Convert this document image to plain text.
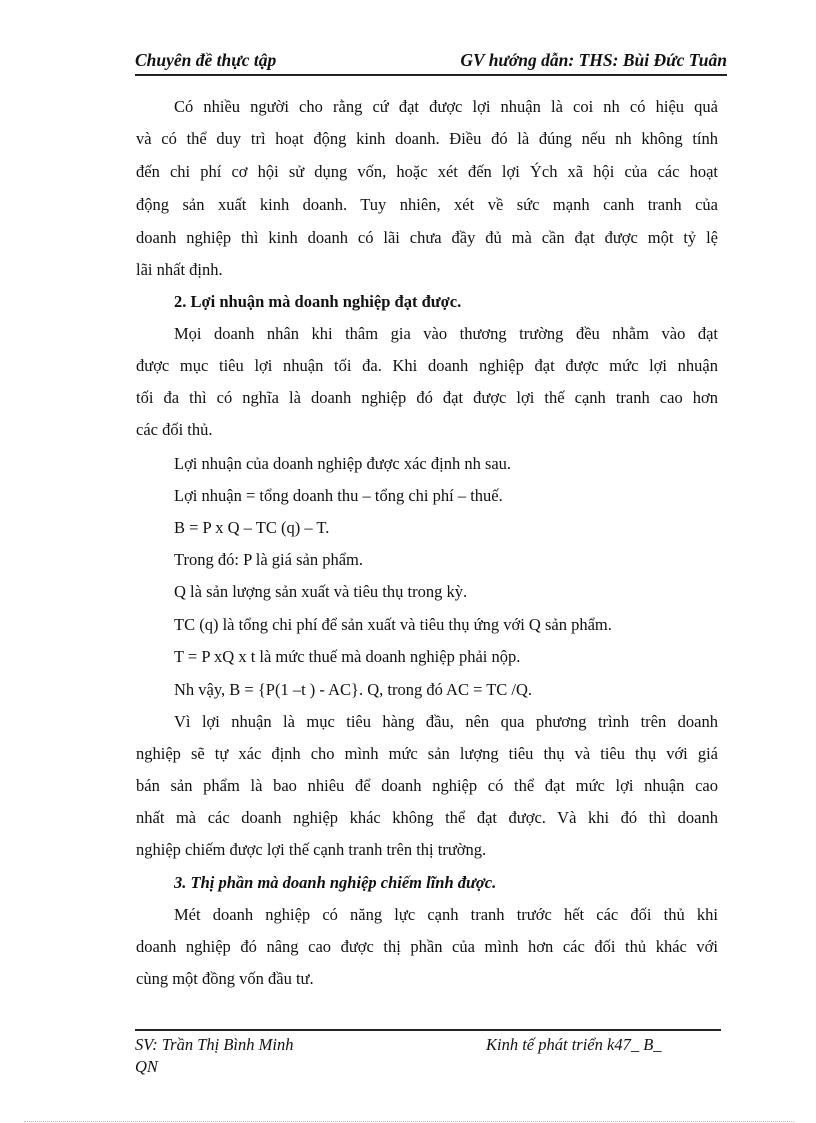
Chuyên đề thực tập	GV hướng dẫn: THS: Bùi Đức Tuân
Có nhiều người cho rằng cứ đạt được lợi nhuận là coi nh có hiệu quả
và có thể duy trì hoạt động kinh doanh. Điều đó là đúng nếu nh không tính
đến chi phí cơ hội sử dụng vốn, hoặc xét đến lợi Ých xã hội của các hoạt
động sản xuất kinh doanh. Tuy nhiên, xét về sức mạnh canh tranh của
doanh nghiệp thì kinh doanh có lãi chưa đầy đủ mà cần đạt được một tỷ lệ
lãi nhất định.
2. Lợi nhuận mà doanh nghiệp đạt được.
Mọi doanh nhân khi thâm gia vào thương trường đều nhằm vào đạt
được mục tiêu lợi nhuận tối đa. Khi doanh nghiệp đạt được mức lợi nhuận
tối đa thì có nghĩa là doanh nghiệp đó đạt được lợi thế cạnh tranh cao hơn
các đối thủ.
Lợi nhuận của doanh nghiệp được xác định nh sau.
Lợi nhuận = tổng doanh thu – tổng chi phí – thuế.
B = P x Q – TC (q) – T.
Trong đó: P là giá sản phẩm.
Q là sản lượng sản xuất và tiêu thụ trong kỳ.
TC (q) là tổng chi phí để sản xuất và tiêu thụ ứng với Q sản phẩm.
T = P xQ x t là mức thuế mà doanh nghiệp phải nộp.
Nh vậy, B = {P(1 –t ) - AC}. Q, trong đó AC = TC /Q.
Vì lợi nhuận là mục tiêu hàng đầu, nên qua phương trình trên doanh
nghiệp sẽ tự xác định cho mình mức sản lượng tiêu thụ và tiêu thụ với giá
bán sản phẩm là bao nhiêu để doanh nghiệp có thể đạt mức lợi nhuận cao
nhất mà các doanh nghiệp khác không thể đạt được. Và khi đó thì doanh
nghiệp chiếm được lợi thế cạnh tranh trên thị trường.
3. Thị phần mà doanh nghiệp chiếm lĩnh được.
Mét doanh nghiệp có năng lực cạnh tranh trước hết các đối thủ khi
doanh nghiệp đó nâng cao được thị phần của mình hơn các đối thủ khác với
cùng một đồng vốn đầu tư.
SV: Trần Thị Bình Minh
QN
Kinh tế phát triển k47_ B_
